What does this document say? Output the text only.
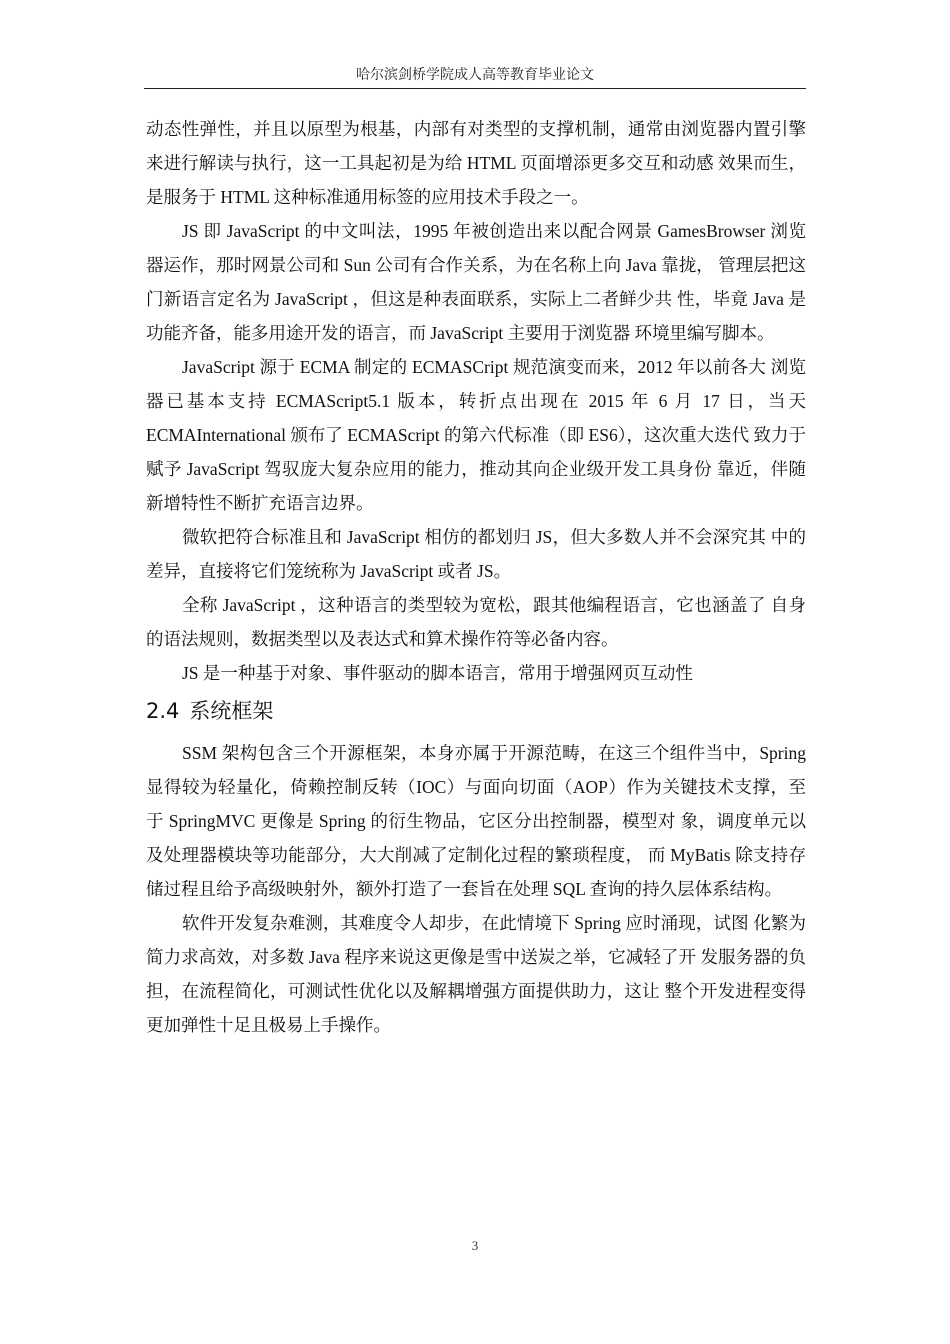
哈尔滨剑桥学院成人高等教育毕业论文

动态性弹性，并且以原型为根基，内部有对类型的支撑机制，通常由浏览器内置引擎来进行解读与执行，这一工具起初是为给 HTML 页面增添更多交互和动感 效果而生，是服务于 HTML 这种标准通用标签的应用技术手段之一。

JS 即 JavaScript 的中文叫法，1995 年被创造出来以配合网景 GamesBrowser 浏览器运作，那时网景公司和 Sun 公司有合作关系，为在名称上向 Java 靠拢， 管理层把这门新语言定名为 JavaScript ，但这是种表面联系，实际上二者鲜少共 性，毕竟 Java 是功能齐备，能多用途开发的语言，而 JavaScript 主要用于浏览器 环境里编写脚本。

JavaScript 源于 ECMA 制定的 ECMASCript 规范演变而来，2012 年以前各大 浏览器已基本支持 ECMAScript5.1 版本，转折点出现在 2015 年 6 月 17 日，当天 ECMAInternational 颁布了 ECMAScript 的第六代标准（即 ES6），这次重大迭代 致力于赋予 JavaScript 驾驭庞大复杂应用的能力，推动其向企业级开发工具身份 靠近，伴随新增特性不断扩充语言边界。

微软把符合标准且和 JavaScript 相仿的都划归 JS，但大多数人并不会深究其 中的差异，直接将它们笼统称为 JavaScript 或者 JS。

全称 JavaScript ，这种语言的类型较为宽松，跟其他编程语言，它也涵盖了 自身的语法规则，数据类型以及表达式和算术操作符等必备内容。

JS 是一种基于对象、事件驱动的脚本语言，常用于增强网页互动性

2.4 系统框架

SSM 架构包含三个开源框架，本身亦属于开源范畴，在这三个组件当中，Spring 显得较为轻量化，倚赖控制反转（IOC）与面向切面（AOP）作为关键技术支撑，至于 SpringMVC 更像是 Spring 的衍生物品，它区分出控制器，模型对 象，调度单元以及处理器模块等功能部分，大大削减了定制化过程的繁琐程度， 而 MyBatis 除支持存储过程且给予高级映射外，额外打造了一套旨在处理 SQL 查询的持久层体系结构。

软件开发复杂难测，其难度令人却步，在此情境下 Spring 应时涌现，试图 化繁为简力求高效，对多数 Java 程序来说这更像是雪中送炭之举，它减轻了开 发服务器的负担，在流程简化，可测试性优化以及解耦增强方面提供助力，这让 整个开发进程变得更加弹性十足且极易上手操作。

3
